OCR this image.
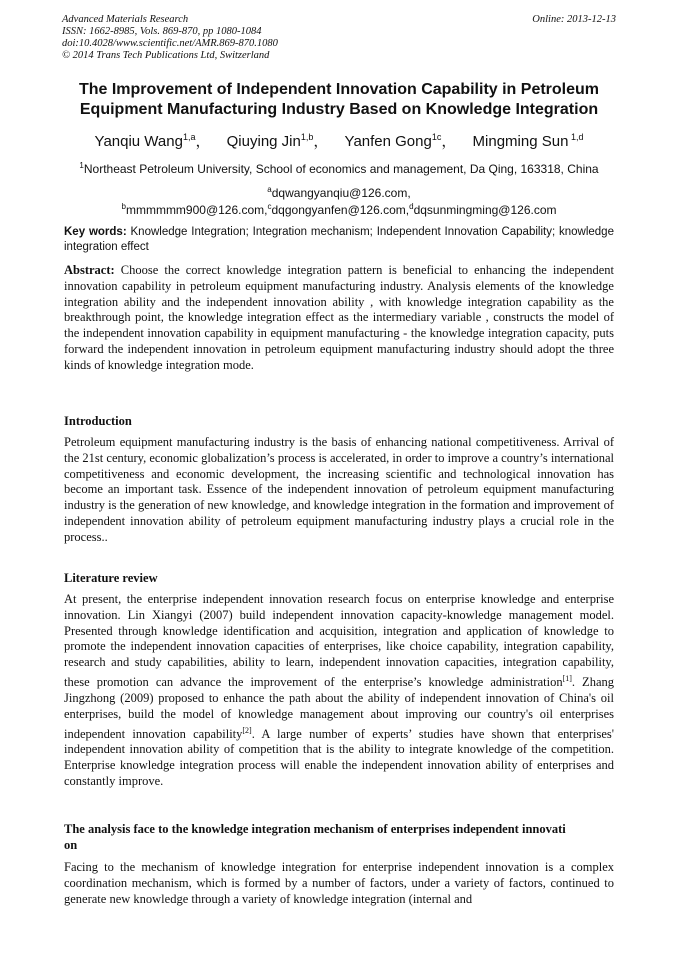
Advanced Materials Research
ISSN: 1662-8985, Vols. 869-870, pp 1080-1084
doi:10.4028/www.scientific.net/AMR.869-870.1080
© 2014 Trans Tech Publications Ltd, Switzerland
Online: 2013-12-13
The Improvement of Independent Innovation Capability in Petroleum
Equipment Manufacturing Industry Based on Knowledge Integration
Yanqiu Wang$^{1,a}$， Qiuying Jin$^{1,b}$， Yanfen Gong$^{1c}$， Mingming Sun $^{1,d}$
$^1$Northeast Petroleum University, School of economics and management, Da Qing, 163318, China
$^a$dqwangyanqiu@126.com,
$^b$mmmmmm900@126.com,$^c$dqgongyanfen@126.com,$^d$dqsunmingming@126.com
Key words: Knowledge Integration; Integration mechanism; Independent Innovation Capability; knowledge integration effect

Abstract: Choose the correct knowledge integration pattern is beneficial to enhancing the independent innovation capability in petroleum equipment manufacturing industry. Analysis elements of the knowledge integration ability and the independent innovation ability , with knowledge integration capability as the breakthrough point, the knowledge integration effect as the intermediary variable , constructs the model of the independent innovation capability in equipment manufacturing - the knowledge integration capacity, puts forward the independent innovation in petroleum equipment manufacturing industry should adopt the three kinds of knowledge integration mode.

Introduction

Petroleum equipment manufacturing industry is the basis of enhancing national competitiveness. Arrival of the 21st century, economic globalization’s process is accelerated, in order to improve a country’s international competitiveness and economic development, the increasing scientific and technological innovation has become an important task. Essence of the independent innovation of petroleum equipment manufacturing industry is the generation of new knowledge, and knowledge integration in the formation and improvement of independent innovation ability of petroleum equipment manufacturing industry plays a crucial role in the process..

Literature review

At present, the enterprise independent innovation research focus on enterprise knowledge and enterprise innovation. Lin Xiangyi (2007) build independent innovation capacity-knowledge management model. Presented through knowledge identification and acquisition, integration and application of knowledge to promote the independent innovation capacities of enterprises, like choice capability, integration capability, research and study capabilities, ability to learn, independent innovation capacities, integration capability, these promotion can advance the improvement of the enterprise’s knowledge administration[1]. Zhang Jingzhong (2009) proposed to enhance the path about the ability of independent innovation of China's oil enterprises, build the model of knowledge management about improving our country's oil enterprises independent innovation capability[2]. A large number of experts’ studies have shown that enterprises' independent innovation ability of competition that is the ability to integrate knowledge of the competition. Enterprise knowledge integration process will enable the independent innovation ability of enterprises and constantly improve.

The analysis face to the knowledge integration mechanism of enterprises independent innovati
on

Facing to the mechanism of knowledge integration for enterprise independent innovation is a complex coordination mechanism, which is formed by a number of factors, under a variety of factors, continued to generate new knowledge through a variety of knowledge integration (internal and
